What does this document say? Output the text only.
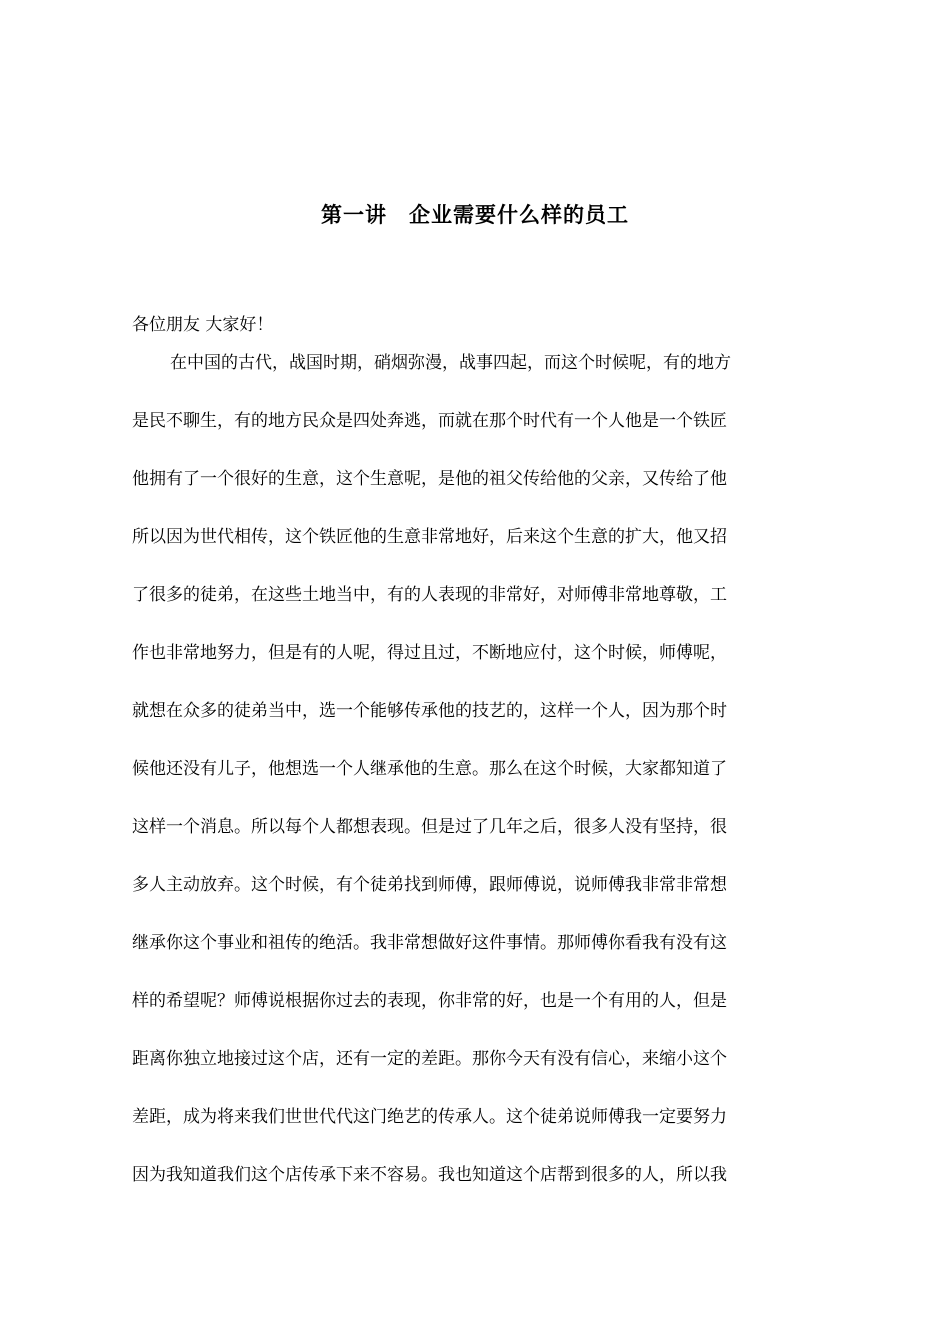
第一讲　企业需要什么样的员工
各位朋友 大家好！
在中国的古代，战国时期，硝烟弥漫，战事四起，而这个时候呢，有的地方
是民不聊生，有的地方民众是四处奔逃，而就在那个时代有一个人他是一个铁匠
他拥有了一个很好的生意，这个生意呢，是他的祖父传给他的父亲，又传给了他
所以因为世代相传，这个铁匠他的生意非常地好，后来这个生意的扩大，他又招
了很多的徒弟，在这些土地当中，有的人表现的非常好，对师傅非常地尊敬，工
作也非常地努力，但是有的人呢，得过且过，不断地应付，这个时候，师傅呢，
就想在众多的徒弟当中，选一个能够传承他的技艺的，这样一个人，因为那个时
候他还没有儿子，他想选一个人继承他的生意。那么在这个时候，大家都知道了
这样一个消息。所以每个人都想表现。但是过了几年之后，很多人没有坚持，很
多人主动放弃。这个时候，有个徒弟找到师傅，跟师傅说，说师傅我非常非常想
继承你这个事业和祖传的绝活。我非常想做好这件事情。那师傅你看我有没有这
样的希望呢？师傅说根据你过去的表现，你非常的好，也是一个有用的人，但是
距离你独立地接过这个店，还有一定的差距。那你今天有没有信心，来缩小这个
差距，成为将来我们世世代代这门绝艺的传承人。这个徒弟说师傅我一定要努力
因为我知道我们这个店传承下来不容易。我也知道这个店帮到很多的人，所以我
